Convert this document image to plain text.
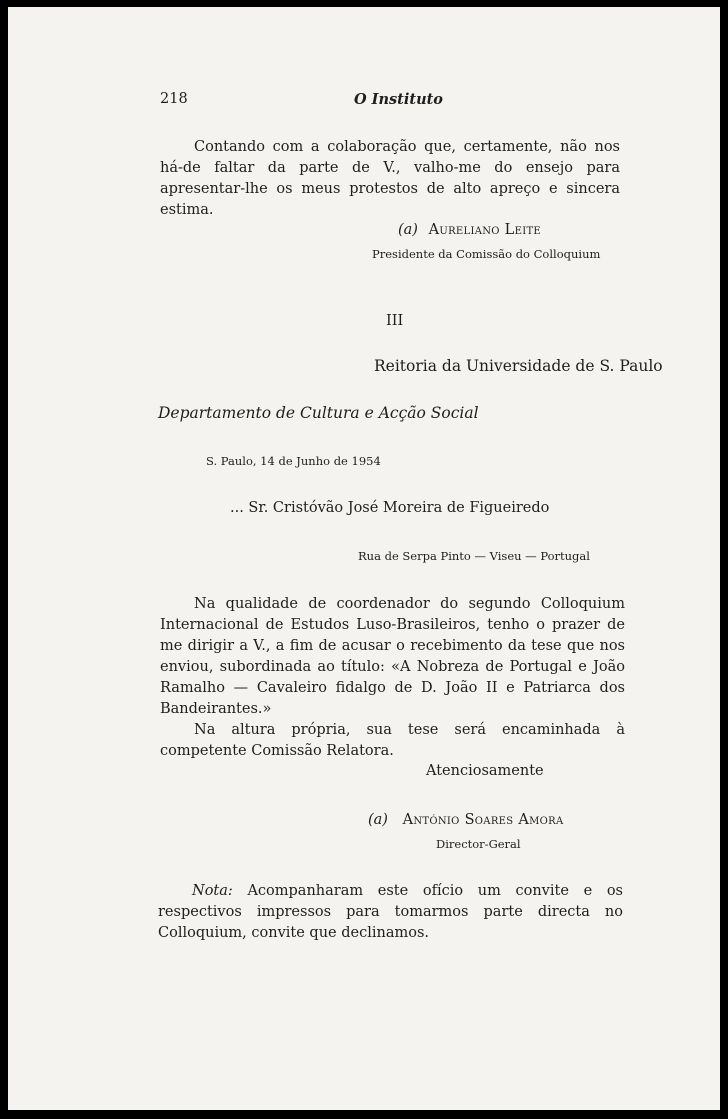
218	O Instituto

Contando com a colaboração que, certamente, não nos há-de faltar da parte de V., valho-me do ensejo para apresentar-lhe os meus protestos de alto apreço e sincera estima.

(a) Aureliano Leite
Presidente da Comissão do Colloquium
III
Reitoria da Universidade de S. Paulo
Departamento de Cultura e Acção Social
S. Paulo, 14 de Junho de 1954
... Sr. Cristóvão José Moreira de Figueiredo
Rua de Serpa Pinto — Viseu — Portugal

Na qualidade de coordenador do segundo Colloquium Internacional de Estudos Luso-Brasileiros, tenho o prazer de me dirigir a V., a fim de acusar o recebimento da tese que nos enviou, subordinada ao título: «A Nobreza de Portugal e João Ramalho — Cavaleiro fidalgo de D. João II e Patriarca dos Bandeirantes.»

Na altura própria, sua tese será encaminhada à competente Comissão Relatora.

Atenciosamente
(a) António Soares Amora
Director-Geral

Nota: Acompanharam este ofício um convite e os respectivos impressos para tomarmos parte directa no Colloquium, convite que declinamos.
